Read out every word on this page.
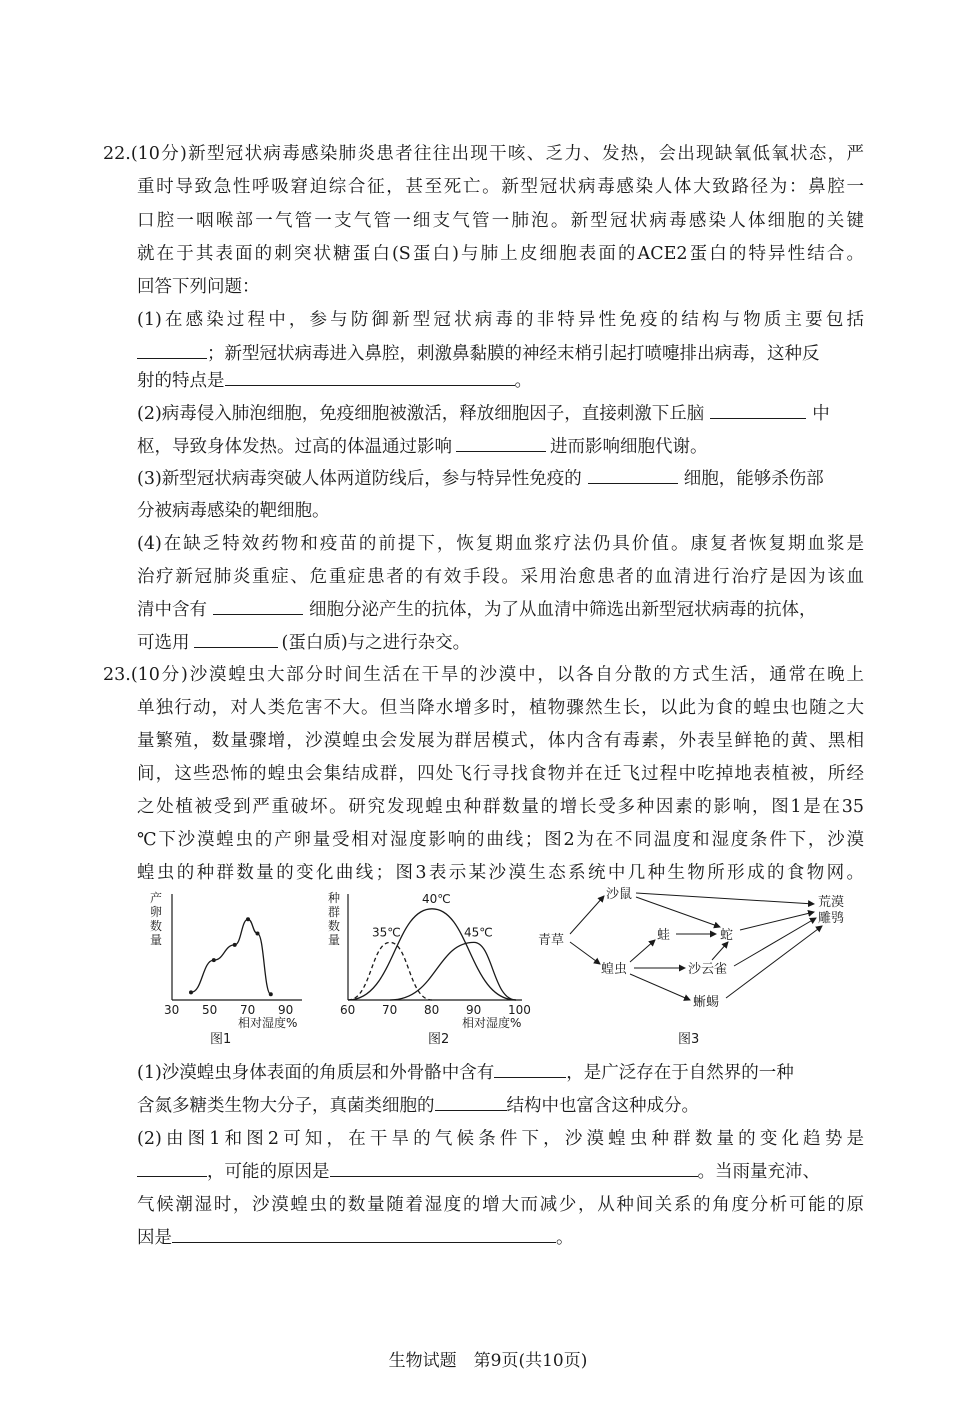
22.(10分)新型冠状病毒感染肺炎患者往往出现干咳、乏力、发热，会出现缺氧低氧状态，严
重时导致急性呼吸窘迫综合征，甚至死亡。新型冠状病毒感染人体大致路径为：鼻腔一
口腔一咽喉部一气管一支气管一细支气管一肺泡。新型冠状病毒感染人体细胞的关键
就在于其表面的刺突状糖蛋白(S蛋白)与肺上皮细胞表面的ACE2蛋白的特异性结合。
回答下列问题：
(1)在感染过程中，参与防御新型冠状病毒的非特异性免疫的结构与物质主要包括
；新型冠状病毒进入鼻腔，刺激鼻黏膜的神经末梢引起打喷嚏排出病毒，这种反
射的特点是	。
(2)病毒侵入肺泡细胞，免疫细胞被激活，释放细胞因子，直接刺激下丘脑	中
枢，导致身体发热。过高的体温通过影响	进而影响细胞代谢。
(3)新型冠状病毒突破人体两道防线后，参与特异性免疫的	细胞，能够杀伤部
分被病毒感染的靶细胞。
(4)在缺乏特效药物和疫苗的前提下，恢复期血浆疗法仍具价值。康复者恢复期血浆是
治疗新冠肺炎重症、危重症患者的有效手段。采用治愈患者的血清进行治疗是因为该血
清中含有	细胞分泌产生的抗体，为了从血清中筛选出新型冠状病毒的抗体，
可选用	(蛋白质)与之进行杂交。
23.(10分)沙漠蝗虫大部分时间生活在干旱的沙漠中，以各自分散的方式生活，通常在晚上
单独行动，对人类危害不大。但当降水增多时，植物骤然生长，以此为食的蝗虫也随之大
量繁殖，数量骤增，沙漠蝗虫会发展为群居模式，体内含有毒素，外表呈鲜艳的黄、黑相
间，这些恐怖的蝗虫会集结成群，四处飞行寻找食物并在迁飞过程中吃掉地表植被，所经
之处植被受到严重破坏。研究发现蝗虫种群数量的增长受多种因素的影响，图1是在35
℃下沙漠蝗虫的产卵量受相对湿度影响的曲线；图2为在不同温度和湿度条件下，沙漠
蝗虫的种群数量的变化曲线；图3表示某沙漠生态系统中几种生物所形成的食物网。
产
卵
数
量
30 50 70 90
相对湿度%
图1
种
群
数
量
35℃
40℃
45℃
60 70 80 90 100
相对湿度%
图2
青草
沙鼠
蛙	蛇
蝗虫	沙云雀
蜥蜴
荒漠
雕鸮
图3
(1)沙漠蝗虫身体表面的角质层和外骨骼中含有	，是广泛存在于自然界的一种
含氮多糖类生物大分子，真菌类细胞的	结构中也富含这种成分。
(2)由图1和图2可知，在干旱的气候条件下，沙漠蝗虫种群数量的变化趋势是
，可能的原因是	。当雨量充沛、
气候潮湿时，沙漠蝗虫的数量随着湿度的增大而减少，从种间关系的角度分析可能的原
因是	。
生物试题　第9页(共10页)
